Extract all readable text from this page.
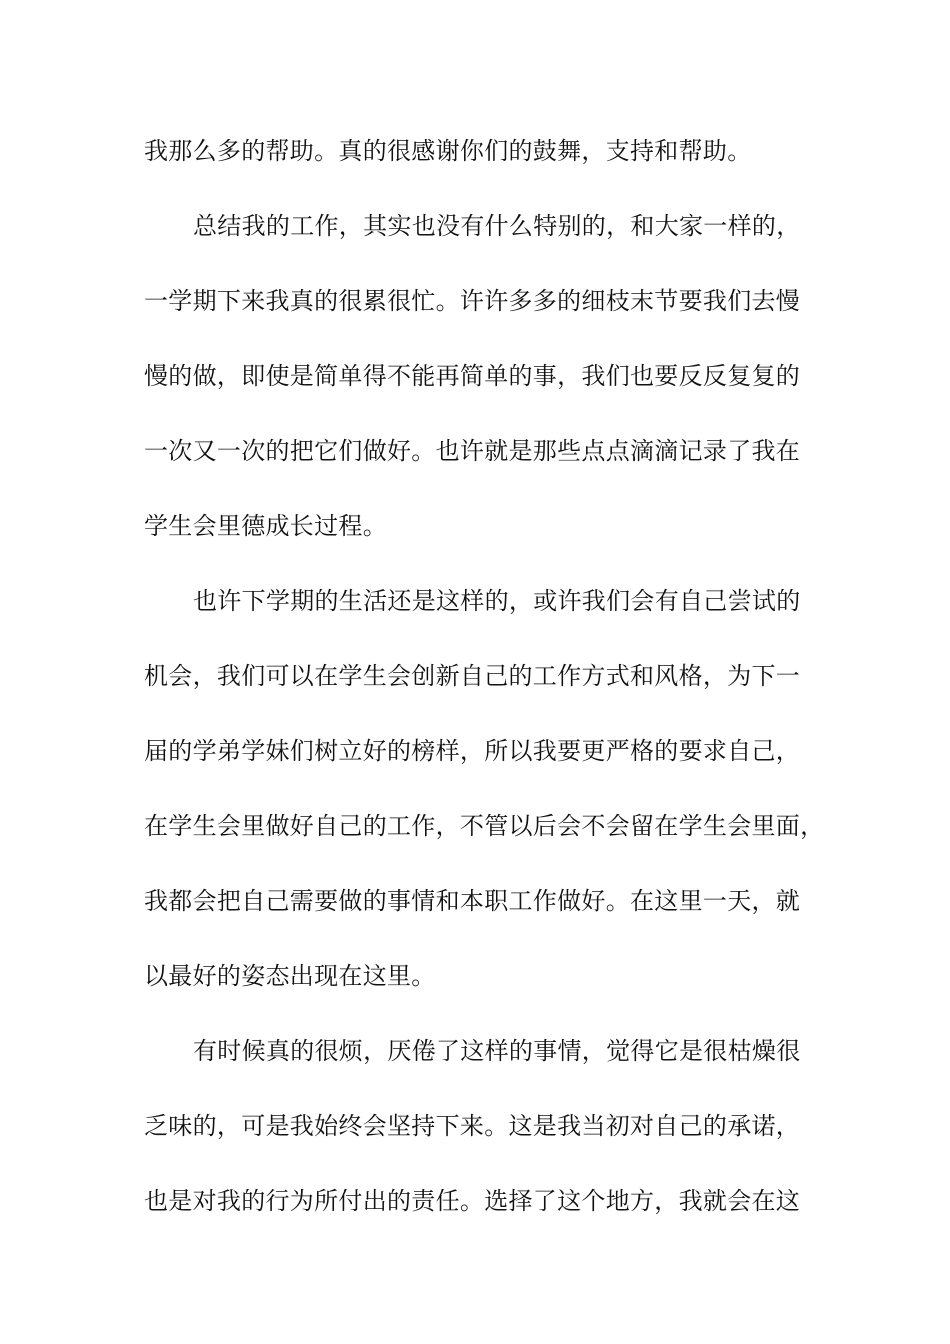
我那么多的帮助。真的很感谢你们的鼓舞，支持和帮助。
总结我的工作，其实也没有什么特别的，和大家一样的，
一学期下来我真的很累很忙。许许多多的细枝末节要我们去慢
慢的做，即使是简单得不能再简单的事，我们也要反反复复的
一次又一次的把它们做好。也许就是那些点点滴滴记录了我在
学生会里德成长过程。
也许下学期的生活还是这样的，或许我们会有自己尝试的
机会，我们可以在学生会创新自己的工作方式和风格，为下一
届的学弟学妹们树立好的榜样，所以我要更严格的要求自己，
在学生会里做好自己的工作，不管以后会不会留在学生会里面，
我都会把自己需要做的事情和本职工作做好。在这里一天，就
以最好的姿态出现在这里。
有时候真的很烦，厌倦了这样的事情，觉得它是很枯燥很
乏味的，可是我始终会坚持下来。这是我当初对自己的承诺，
也是对我的行为所付出的责任。选择了这个地方，我就会在这
